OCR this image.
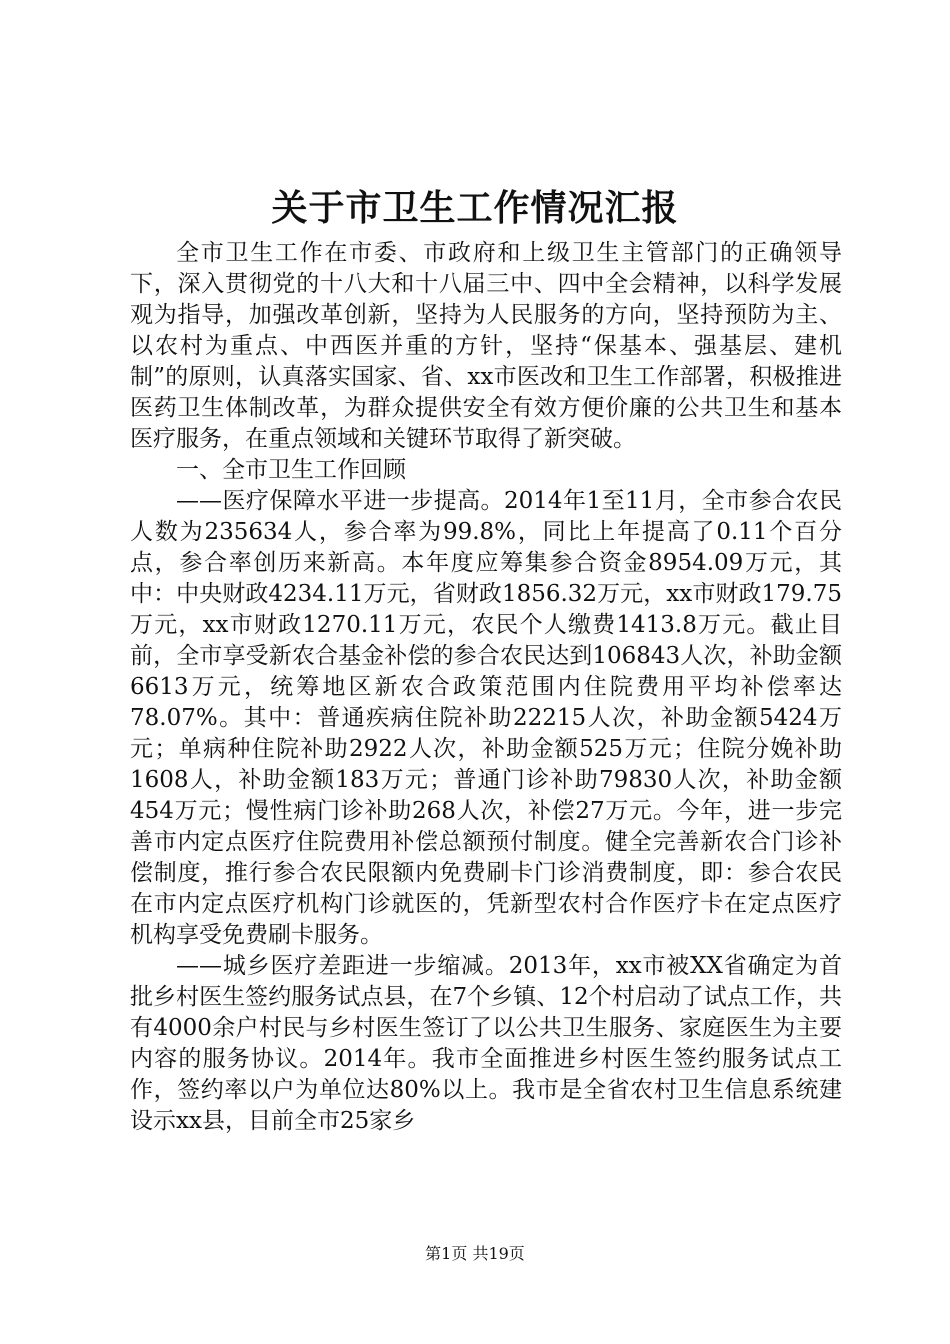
关于市卫生工作情况汇报

全市卫生工作在市委、市政府和上级卫生主管部门的正确领导下，深入贯彻党的十八大和十八届三中、四中全会精神，以科学发展观为指导，加强改革创新，坚持为人民服务的方向，坚持预防为主、以农村为重点、中西医并重的方针，坚持“保基本、强基层、建机制”的原则，认真落实国家、省、xx市医改和卫生工作部署，积极推进医药卫生体制改革，为群众提供安全有效方便价廉的公共卫生和基本医疗服务，在重点领域和关键环节取得了新突破。

一、全市卫生工作回顾

——医疗保障水平进一步提高。2014年1至11月，全市参合农民人数为235634人，参合率为99.8%，同比上年提高了0.11个百分点，参合率创历来新高。本年度应筹集参合资金8954.09万元，其中：中央财政4234.11万元，省财政1856.32万元，xx市财政179.75万元，xx市财政1270.11万元，农民个人缴费1413.8万元。截止目前，全市享受新农合基金补偿的参合农民达到106843人次，补助金额6613万元，统筹地区新农合政策范围内住院费用平均补偿率达78.07%。其中：普通疾病住院补助22215人次，补助金额5424万元；单病种住院补助2922人次，补助金额525万元；住院分娩补助1608人，补助金额183万元；普通门诊补助79830人次，补助金额454万元；慢性病门诊补助268人次，补偿27万元。今年，进一步完善市内定点医疗住院费用补偿总额预付制度。健全完善新农合门诊补偿制度，推行参合农民限额内免费刷卡门诊消费制度，即：参合农民在市内定点医疗机构门诊就医的，凭新型农村合作医疗卡在定点医疗机构享受免费刷卡服务。

——城乡医疗差距进一步缩减。2013年，xx市被XX省确定为首批乡村医生签约服务试点县，在7个乡镇、12个村启动了试点工作，共有4000余户村民与乡村医生签订了以公共卫生服务、家庭医生为主要内容的服务协议。2014年。我市全面推进乡村医生签约服务试点工作，签约率以户为单位达80%以上。我市是全省农村卫生信息系统建设示xx县，目前全市25家乡

第1页 共19页
